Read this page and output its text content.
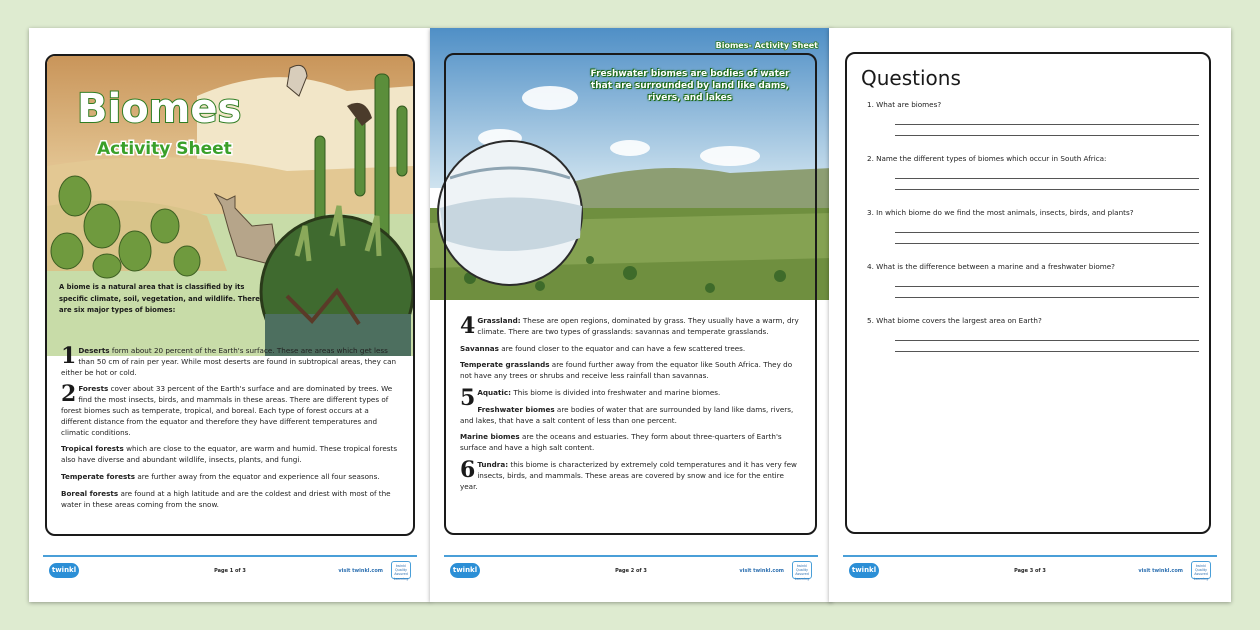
Biomes
Activity Sheet

A biome is a natural area that is classified by its specific climate, soil, vegetation, and wildlife. There are six major types of biomes:

1 Deserts form about 20 percent of the Earth's surface. These are areas which get less than 50 cm of rain per year. While most deserts are found in subtropical areas, they can either be hot or cold.

2 Forests cover about 33 percent of the Earth's surface and are dominated by trees. We find the most insects, birds, and mammals in these areas. There are different types of forest biomes such as temperate, tropical, and boreal. Each type of forest occurs at a different distance from the equator and therefore they have different temperatures and climatic conditions.

Tropical forests which are close to the equator, are warm and humid. These tropical forests also have diverse and abundant wildlife, insects, plants, and fungi.

Temperate forests are further away from the equator and experience all four seasons.

Boreal forests are found at a high latitude and are the coldest and driest with most of the water in these areas coming from the snow.

twinkl	Page 1 of 3	visit twinkl.com
twinkl Quality Assured Learning
Biomes- Activity Sheet
Freshwater biomes are bodies of water that are surrounded by land like dams, rivers, and lakes

4 Grassland: These are open regions, dominated by grass. They usually have a warm, dry climate. There are two types of grasslands: savannas and temperate grasslands.

Savannas are found closer to the equator and can have a few scattered trees.

Temperate grasslands are found further away from the equator like South Africa. They do not have any trees or shrubs and receive less rainfall than savannas.

5 Aquatic: This biome is divided into freshwater and marine biomes.

Freshwater biomes are bodies of water that are surrounded by land like dams, rivers, and lakes, that have a salt content of less than one percent.

Marine biomes are the oceans and estuaries. They form about three-quarters of Earth's surface and have a high salt content.

6 Tundra: this biome is characterized by extremely cold temperatures and it has very few insects, birds, and mammals. These areas are covered by snow and ice for the entire year.

twinkl	Page 2 of 3	visit twinkl.com
twinkl Quality Assured Learning
Questions
1. What are biomes?
2. Name the different types of biomes which occur in South Africa:
3. In which biome do we find the most animals, insects, birds, and plants?
4. What is the difference between a marine and a freshwater biome?
5. What biome covers the largest area on Earth?
twinkl	Page 3 of 3	visit twinkl.com
twinkl Quality Assured Learning
